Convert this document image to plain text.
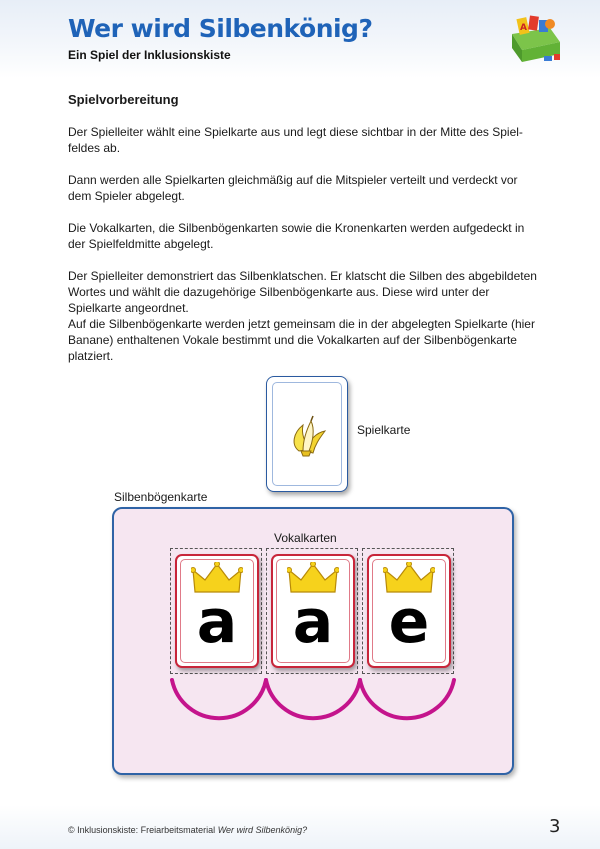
Wer wird Silbenkönig?
Ein Spiel der Inklusionskiste
A
Spielvorbereitung

Der Spielleiter wählt eine Spielkarte aus und legt diese sichtbar in der Mitte des Spiel-feldes ab.

Dann werden alle Spielkarten gleichmäßig auf die Mitspieler verteilt und verdeckt vor dem Spieler abgelegt.

Die Vokalkarten, die Silbenbögenkarten sowie die Kronenkarten werden aufgedeckt in der Spielfeldmitte abgelegt.

Der Spielleiter demonstriert das Silbenklatschen. Er klatscht die Silben des abgebildeten Wortes und wählt die dazugehörige Silbenbögenkarte aus. Diese wird unter der Spielkarte angeordnet.

Auf die Silbenbögenkarte werden jetzt gemeinsam die in der abgelegten Spielkarte (hier Banane) enthaltenen Vokale bestimmt und die Vokalkarten auf der Silbenbögenkarte platziert.

Spielkarte
Silbenbögenkarte
Vokalkarten
a a e
© Inklusionskiste: Freiarbeitsmaterial Wer wird Silbenkönig?	3
